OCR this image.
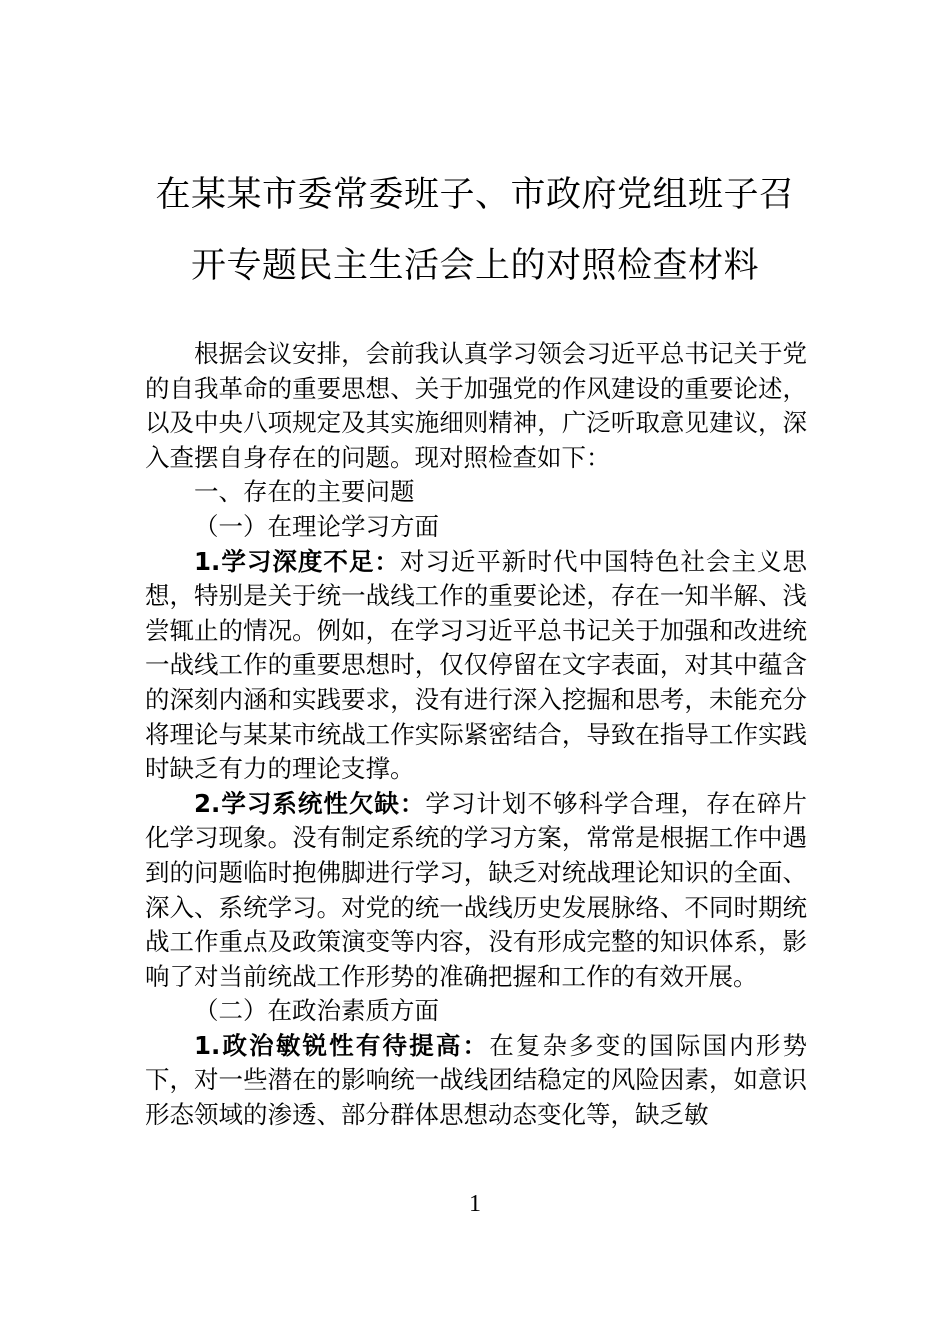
在某某市委常委班子、市政府党组班子召
开专题民主生活会上的对照检查材料

根据会议安排，会前我认真学习领会习近平总书记关于党的自我革命的重要思想、关于加强党的作风建设的重要论述，以及中央八项规定及其实施细则精神，广泛听取意见建议，深入查摆自身存在的问题。现对照检查如下：

一、存在的主要问题

（一）在理论学习方面

1.学习深度不足：对习近平新时代中国特色社会主义思想，特别是关于统一战线工作的重要论述，存在一知半解、浅尝辄止的情况。例如，在学习习近平总书记关于加强和改进统一战线工作的重要思想时，仅仅停留在文字表面，对其中蕴含的深刻内涵和实践要求，没有进行深入挖掘和思考，未能充分将理论与某某市统战工作实际紧密结合，导致在指导工作实践时缺乏有力的理论支撑。

2.学习系统性欠缺：学习计划不够科学合理，存在碎片化学习现象。没有制定系统的学习方案，常常是根据工作中遇到的问题临时抱佛脚进行学习，缺乏对统战理论知识的全面、深入、系统学习。对党的统一战线历史发展脉络、不同时期统战工作重点及政策演变等内容，没有形成完整的知识体系，影响了对当前统战工作形势的准确把握和工作的有效开展。

（二）在政治素质方面

1.政治敏锐性有待提高：在复杂多变的国际国内形势下，对一些潜在的影响统一战线团结稳定的风险因素，如意识形态领域的渗透、部分群体思想动态变化等，缺乏敏

1
